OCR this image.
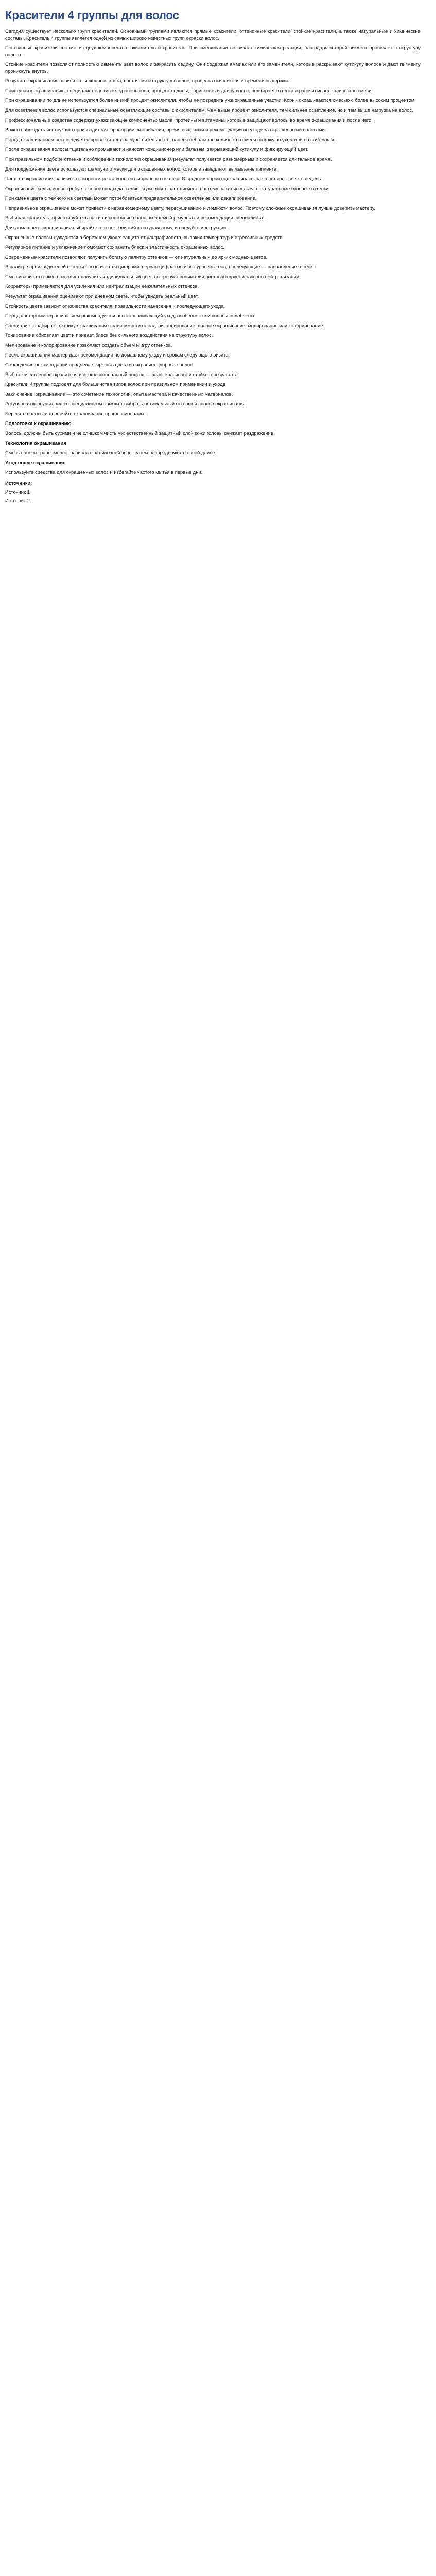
Красители 4 группы для волос

Сегодня существует несколько групп красителей. Основными группами являются прямые красители, оттеночные красители, стойкие красители, а также натуральные и химические составы. Краситель 4 группы является одной из самых широко известных групп окраски волос.

Постоянные красители состоят из двух компонентов: окислитель и краситель. При смешивании возникает химическая реакция, благодаря которой пигмент проникает в структуру волоса.

Стойкие красители позволяют полностью изменить цвет волос и закрасить седину. Они содержат аммиак или его заменители, которые раскрывают кутикулу волоса и дают пигменту проникнуть внутрь.

Результат окрашивания зависит от исходного цвета, состояния и структуры волос, процента окислителя и времени выдержки.

Приступая к окрашиванию, специалист оценивает уровень тона, процент седины, пористость и длину волос, подбирает оттенок и рассчитывает количество смеси.

При окрашивании по длине используется более низкий процент окислителя, чтобы не повредить уже окрашенные участки. Корни окрашиваются смесью с более высоким процентом.

Для осветления волос используются специальные осветляющие составы с окислителем. Чем выше процент окислителя, тем сильнее осветление, но и тем выше нагрузка на волос.

Профессиональные средства содержат ухаживающие компоненты: масла, протеины и витамины, которые защищают волосы во время окрашивания и после него.

Важно соблюдать инструкцию производителя: пропорции смешивания, время выдержки и рекомендации по уходу за окрашенными волосами.

Перед окрашиванием рекомендуется провести тест на чувствительность, нанеся небольшое количество смеси на кожу за ухом или на сгиб локтя.

После окрашивания волосы тщательно промывают и наносят кондиционер или бальзам, закрывающий кутикулу и фиксирующий цвет.

При правильном подборе оттенка и соблюдении технологии окрашивания результат получается равномерным и сохраняется длительное время.

Для поддержания цвета используют шампуни и маски для окрашенных волос, которые замедляют вымывание пигмента.

Частота окрашивания зависит от скорости роста волос и выбранного оттенка. В среднем корни подкрашивают раз в четыре – шесть недель.

Окрашивание седых волос требует особого подхода: седина хуже впитывает пигмент, поэтому часто используют натуральные базовые оттенки.

При смене цвета с темного на светлый может потребоваться предварительное осветление или декапирование.

Неправильное окрашивание может привести к неравномерному цвету, пересушиванию и ломкости волос. Поэтому сложные окрашивания лучше доверить мастеру.

Выбирая краситель, ориентируйтесь на тип и состояние волос, желаемый результат и рекомендации специалиста.

Для домашнего окрашивания выбирайте оттенок, близкий к натуральному, и следуйте инструкции.

Окрашенные волосы нуждаются в бережном уходе: защите от ультрафиолета, высоких температур и агрессивных средств.

Регулярное питание и увлажнение помогают сохранить блеск и эластичность окрашенных волос.

Современные красители позволяют получить богатую палитру оттенков — от натуральных до ярких модных цветов.

В палитре производителей оттенки обозначаются цифрами: первая цифра означает уровень тона, последующие — направление оттенка.

Смешивание оттенков позволяет получить индивидуальный цвет, но требует понимания цветового круга и законов нейтрализации.

Корректоры применяются для усиления или нейтрализации нежелательных оттенков.

Результат окрашивания оценивают при дневном свете, чтобы увидеть реальный цвет.

Стойкость цвета зависит от качества красителя, правильности нанесения и последующего ухода.

Перед повторным окрашиванием рекомендуется восстанавливающий уход, особенно если волосы ослаблены.

Специалист подбирает технику окрашивания в зависимости от задачи: тонирование, полное окрашивание, мелирование или колорирование.

Тонирование обновляет цвет и придает блеск без сильного воздействия на структуру волос.

Мелирование и колорирование позволяют создать объем и игру оттенков.

После окрашивания мастер дает рекомендации по домашнему уходу и срокам следующего визита.

Соблюдение рекомендаций продлевает яркость цвета и сохраняет здоровье волос.

Выбор качественного красителя и профессиональный подход — залог красивого и стойкого результата.

Красители 4 группы подходят для большинства типов волос при правильном применении и уходе.

Заключение: окрашивание — это сочетание технологии, опыта мастера и качественных материалов.

Регулярная консультация со специалистом поможет выбрать оптимальный оттенок и способ окрашивания.

Берегите волосы и доверяйте окрашивание профессионалам.

Подготовка к окрашиванию

Волосы должны быть сухими и не слишком чистыми: естественный защитный слой кожи головы снижает раздражение.

Технология окрашивания

Смесь наносят равномерно, начиная с затылочной зоны, затем распределяют по всей длине.

Уход после окрашивания

Используйте средства для окрашенных волос и избегайте частого мытья в первые дни.

Источники:
Источник 1
Источник 2
